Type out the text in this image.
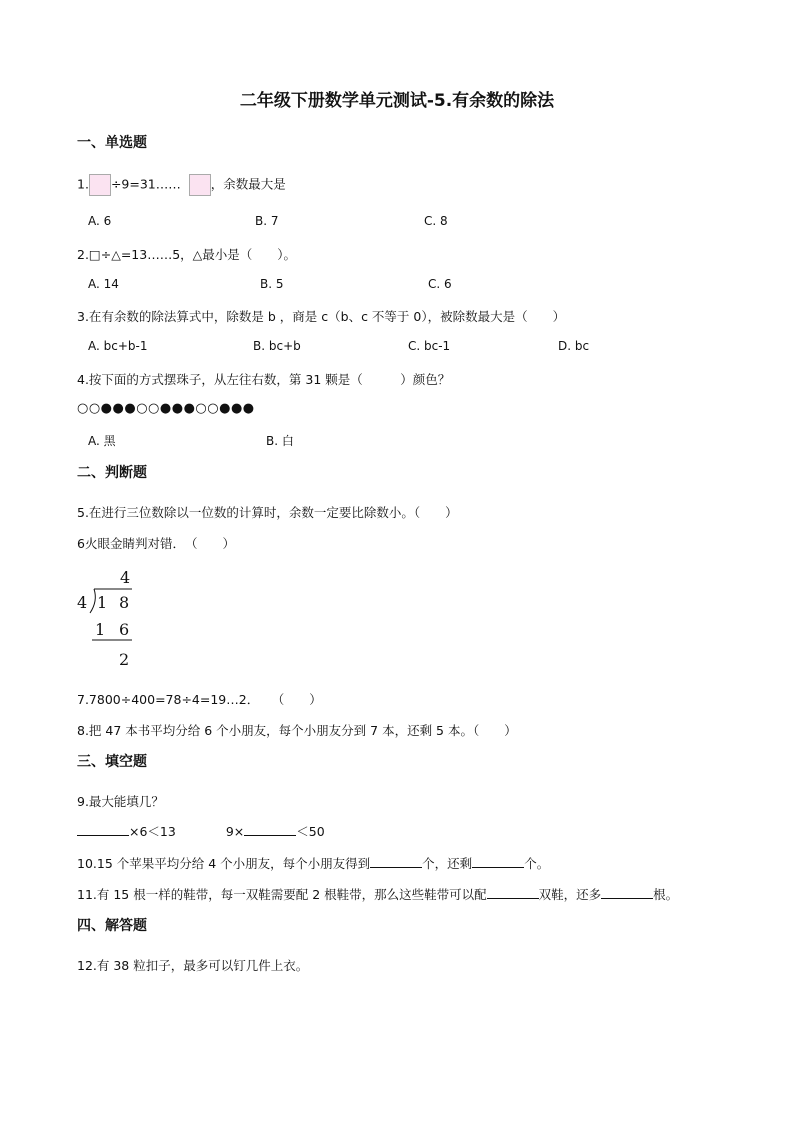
二年级下册数学单元测试-5.有余数的除法
一、单选题
1. ÷9=31…… ，余数最大是
A. 6	B. 7	C. 8
2.□÷△=13……5，△最小是（　　）。
A. 14	B. 5	C. 6
3.在有余数的除法算式中，除数是 b ，商是 c（b、c 不等于 0），被除数最大是（　　）
A. bc+b-1	B. bc+b	C. bc-1	D. bc
4.按下面的方式摆珠子，从左往右数，第 31 颗是（　　　）颜色？
○○●●●○○●●●○○●●●
A. 黑	B. 白
二、判断题
5.在进行三位数除以一位数的计算时，余数一定要比除数小。（　　）
6火眼金睛判对错．　（　　）
4
4 1 8
1 6
2
7.7800÷400=78÷4=19…2．　　（　　）
8.把 47 本书平均分给 6 个小朋友，每个小朋友分到 7 本，还剩 5 本。（　　）
三、填空题
9.最大能填几？
×6＜13	9×	＜50
10.15 个苹果平均分给 4 个小朋友，每个小朋友得到	个，还剩	个。
11.有 15 根一样的鞋带，每一双鞋需要配 2 根鞋带，那么这些鞋带可以配	双鞋，还多	根。
四、解答题
12.有 38 粒扣子，最多可以钉几件上衣。
